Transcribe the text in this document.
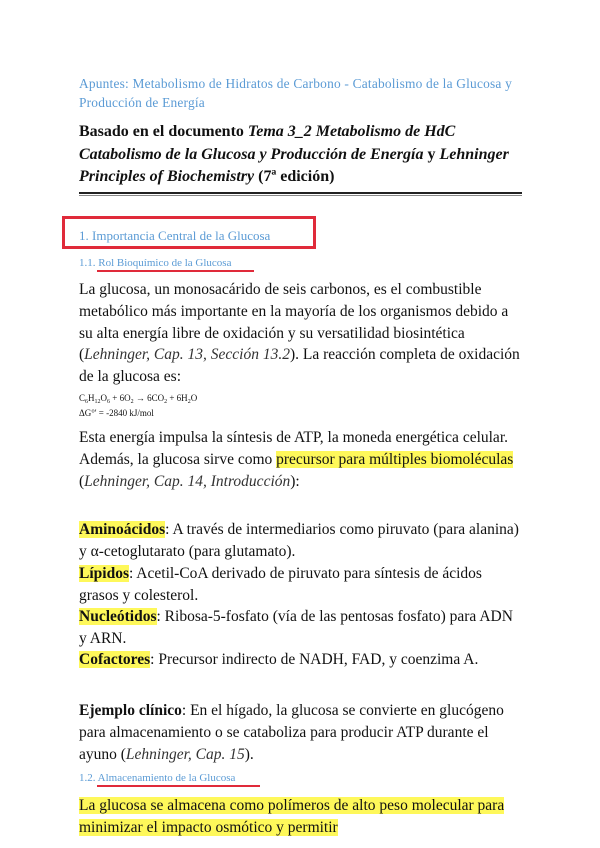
Apuntes: Metabolismo de Hidratos de Carbono - Catabolismo de la Glucosa y Producción de Energía
Basado en el documento Tema 3_2 Metabolismo de HdC Catabolismo de la Glucosa y Producción de Energía y Lehninger Principles of Biochemistry (7ª edición)
1. Importancia Central de la Glucosa
1.1. Rol Bioquímico de la Glucosa
La glucosa, un monosacárido de seis carbonos, es el combustible metabólico más importante en la mayoría de los organismos debido a su alta energía libre de oxidación y su versatilidad biosintética (Lehninger, Cap. 13, Sección 13.2). La reacción completa de oxidación de la glucosa es:
$C_6H_{12}O_6 + 6O_2 \to 6CO_2 + 6H_2O$
ΔG°' = -2840 kJ/mol
Esta energía impulsa la síntesis de ATP, la moneda energética celular. Además, la glucosa sirve como precursor para múltiples biomoléculas (Lehninger, Cap. 14, Introducción):
Aminoácidos: A través de intermediarios como piruvato (para alanina) y α-cetoglutarato (para glutamato).
Lípidos: Acetil-CoA derivado de piruvato para síntesis de ácidos grasos y colesterol.
Nucleótidos: Ribosa-5-fosfato (vía de las pentosas fosfato) para ADN y ARN.
Cofactores: Precursor indirecto de NADH, FAD, y coenzima A.
Ejemplo clínico: En el hígado, la glucosa se convierte en glucógeno para almacenamiento o se cataboliza para producir ATP durante el ayuno (Lehninger, Cap. 15).
1.2. Almacenamiento de la Glucosa
La glucosa se almacena como polímeros de alto peso molecular para minimizar el impacto osmótico y permitir
